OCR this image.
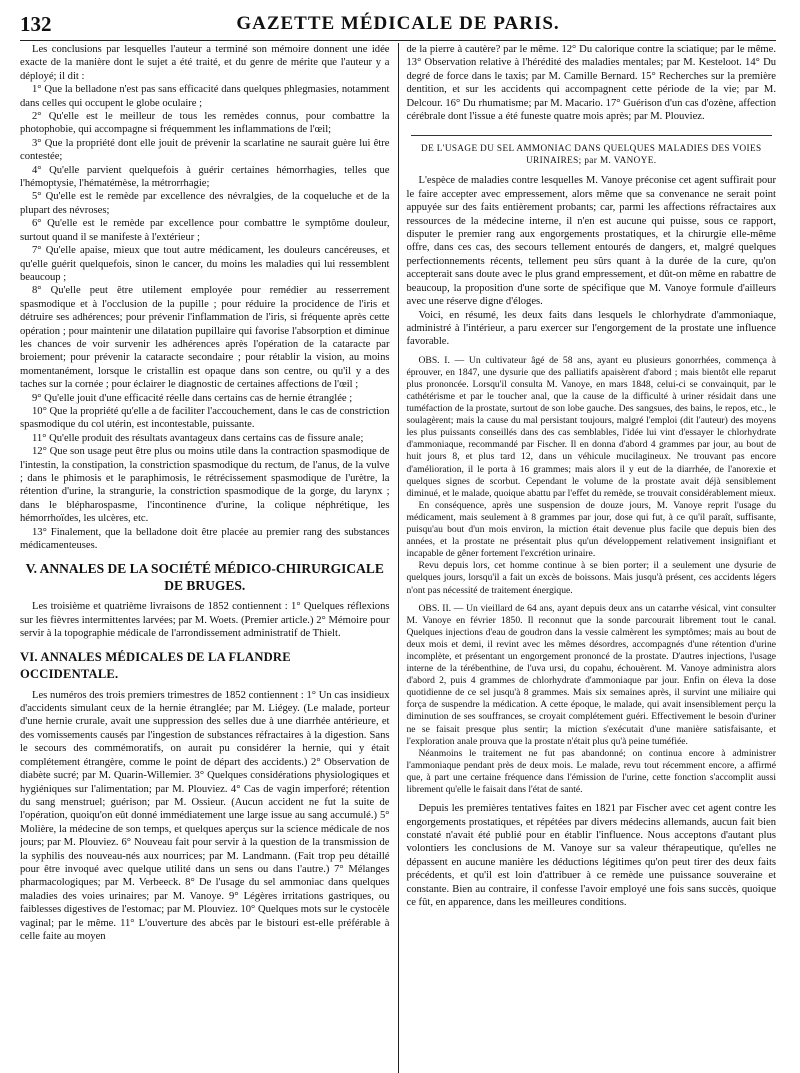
132	GAZETTE MÉDICALE DE PARIS.

Les conclusions par lesquelles l'auteur a terminé son mémoire donnent une idée exacte de la manière dont le sujet a été traité, et du genre de mérite que l'auteur y a déployé; il dit :

1° Que la belladone n'est pas sans efficacité dans quelques phlegmasies, notamment dans celles qui occupent le globe oculaire ;

2° Qu'elle est le meilleur de tous les remèdes connus, pour combattre la photophobie, qui accompagne si fréquemment les inflammations de l'œil;

3° Que la propriété dont elle jouit de prévenir la scarlatine ne saurait guère lui être contestée;

4° Qu'elle parvient quelquefois à guérir certaines hémorrhagies, telles que l'hémoptysie, l'hématémèse, la métrorrhagie;

5° Qu'elle est le remède par excellence des névralgies, de la coqueluche et de la plupart des névroses;

6° Qu'elle est le remède par excellence pour combattre le symptôme douleur, surtout quand il se manifeste à l'extérieur ;

7° Qu'elle apaise, mieux que tout autre médicament, les douleurs cancéreuses, et qu'elle guérit quelquefois, sinon le cancer, du moins les maladies qui lui ressemblent beaucoup ;

8° Qu'elle peut être utilement employée pour remédier au resserrement spasmodique et à l'occlusion de la pupille ; pour réduire la procidence de l'iris et détruire ses adhérences; pour prévenir l'inflammation de l'iris, si fréquente après cette opération ; pour maintenir une dilatation pupillaire qui favorise l'absorption et diminue les chances de voir survenir les adhérences après l'opération de la cataracte par broiement; pour prévenir la cataracte secondaire ; pour rétablir la vision, au moins momentanément, lorsque le cristallin est opaque dans son centre, ou qu'il y a des taches sur la cornée ; pour éclairer le diagnostic de certaines affections de l'œil ;

9° Qu'elle jouit d'une efficacité réelle dans certains cas de hernie étranglée ;

10° Que la propriété qu'elle a de faciliter l'accouchement, dans le cas de constriction spasmodique du col utérin, est incontestable, puissante.

11° Qu'elle produit des résultats avantageux dans certains cas de fissure anale;

12° Que son usage peut être plus ou moins utile dans la contraction spasmodique de l'intestin, la constipation, la constriction spasmodique du rectum, de l'anus, de la vulve ; dans le phimosis et le paraphimosis, le rétrécissement spasmodique de l'urètre, la rétention d'urine, la strangurie, la constriction spasmodique de la gorge, du larynx ; dans le blépharospasme, l'incontinence d'urine, la colique néphrétique, les hémorrhoïdes, les ulcères, etc.

13° Finalement, que la belladone doit être placée au premier rang des substances médicamenteuses.

V. ANNALES DE LA SOCIÉTÉ MÉDICO-CHIRURGICALE DE BRUGES.

Les troisième et quatrième livraisons de 1852 contiennent : 1° Quelques réflexions sur les fièvres intermittentes larvées; par M. Woets. (Premier article.) 2° Mémoire pour servir à la topographie médicale de l'arrondissement administratif de Thielt.

VI. ANNALES MÉDICALES DE LA FLANDRE OCCIDENTALE.

Les numéros des trois premiers trimestres de 1852 contiennent : 1° Un cas insidieux d'accidents simulant ceux de la hernie étranglée; par M. Liégey. (Le malade, porteur d'une hernie crurale, avait une suppression des selles due à une diarrhée antérieure, et des vomissements causés par l'ingestion de substances réfractaires à la digestion. Sans le secours des commémoratifs, on aurait pu considérer la hernie, qui y était complétement étrangère, comme le point de départ des accidents.) 2° Observation de diabète sucré; par M. Quarin-Willemier. 3° Quelques considérations physiologiques et hygiéniques sur l'alimentation; par M. Plouviez. 4° Cas de vagin imperforé; rétention du sang menstruel; guérison; par M. Ossieur. (Aucun accident ne fut la suite de l'opération, quoiqu'on eût donné immédiatement une large issue au sang accumulé.) 5° Molière, la médecine de son temps, et quelques aperçus sur la science médicale de nos jours; par M. Plouviez. 6° Nouveau fait pour servir à la question de la transmission de la syphilis des nouveau-nés aux nourrices; par M. Landmann. (Fait trop peu détaillé pour être invoqué avec quelque utilité dans un sens ou dans l'autre.) 7° Mélanges pharmacologiques; par M. Verbeeck. 8° De l'usage du sel ammoniac dans quelques maladies des voies urinaires; par M. Vanoye. 9° Légères irritations gastriques, ou faiblesses digestives de l'estomac; par M. Plouviez. 10° Quelques mots sur le cystocèle vaginal; par le même. 11° L'ouverture des abcès par le bistouri est-elle préférable à celle faite au moyen

de la pierre à cautère? par le même. 12° Du calorique contre la sciatique; par le même. 13° Observation relative à l'hérédité des maladies mentales; par M. Kesteloot. 14° Du degré de force dans le taxis; par M. Camille Bernard. 15° Recherches sur la première dentition, et sur les accidents qui accompagnent cette période de la vie; par M. Delcour. 16° Du rhumatisme; par M. Macario. 17° Guérison d'un cas d'ozène, affection cérébrale dont l'issue a été funeste quatre mois après; par M. Plouviez.

DE L'USAGE DU SEL AMMONIAC DANS QUELQUES MALADIES DES VOIES URINAIRES; par M. VANOYE.

L'espèce de maladies contre lesquelles M. Vanoye préconise cet agent suffirait pour le faire accepter avec empressement, alors même que sa convenance ne serait point appuyée sur des faits entièrement probants; car, parmi les affections réfractaires aux ressources de la médecine interne, il n'en est aucune qui puisse, sous ce rapport, disputer le premier rang aux engorgements prostatiques, et la chirurgie elle-même offre, dans ces cas, des secours tellement entourés de dangers, et, malgré quelques perfectionnements récents, tellement peu sûrs quant à la durée de la cure, qu'on accepterait sans doute avec le plus grand empressement, et dût-on même en rabattre de beaucoup, la proposition d'une sorte de spécifique que M. Vanoye formule d'ailleurs avec une réserve digne d'éloges.

Voici, en résumé, les deux faits dans lesquels le chlorhydrate d'ammoniaque, administré à l'intérieur, a paru exercer sur l'engorgement de la prostate une influence favorable.

OBS. I. — Un cultivateur âgé de 58 ans, ayant eu plusieurs gonorrhées, commença à éprouver, en 1847, une dysurie que des palliatifs apaisèrent d'abord ; mais bientôt elle reparut plus prononcée. Lorsqu'il consulta M. Vanoye, en mars 1848, celui-ci se convainquit, par le cathétérisme et par le toucher anal, que la cause de la difficulté à uriner résidait dans une tuméfaction de la prostate, surtout de son lobe gauche. Des sangsues, des bains, le repos, etc., le soulagèrent; mais la cause du mal persistant toujours, malgré l'emploi (dit l'auteur) des moyens les plus puissants conseillés dans des cas semblables, l'idée lui vint d'essayer le chlorhydrate d'ammoniaque, recommandé par Fischer. Il en donna d'abord 4 grammes par jour, au bout de huit jours 8, et plus tard 12, dans un véhicule mucilagineux. Ne trouvant pas encore d'amélioration, il le porta à 16 grammes; mais alors il y eut de la diarrhée, de l'anorexie et quelques signes de scorbut. Cependant le volume de la prostate avait déjà sensiblement diminué, et le malade, quoique abattu par l'effet du remède, se trouvait considérablement mieux.

En conséquence, après une suspension de douze jours, M. Vanoye reprit l'usage du médicament, mais seulement à 8 grammes par jour, dose qui fut, à ce qu'il paraît, suffisante, puisqu'au bout d'un mois environ, la miction était devenue plus facile que depuis bien des années, et la prostate ne présentait plus qu'un développement relativement insignifiant et incapable de gêner fortement l'excrétion urinaire.

Revu depuis lors, cet homme continue à se bien porter; il a seulement une dysurie de quelques jours, lorsqu'il a fait un excès de boissons. Mais jusqu'à présent, ces accidents légers n'ont pas nécessité de traitement énergique.

OBS. II. — Un vieillard de 64 ans, ayant depuis deux ans un catarrhe vésical, vint consulter M. Vanoye en février 1850. Il reconnut que la sonde parcourait librement tout le canal. Quelques injections d'eau de goudron dans la vessie calmèrent les symptômes; mais au bout de deux mois et demi, il revint avec les mêmes désordres, accompagnés d'une rétention d'urine incomplète, et présentant un engorgement prononcé de la prostate. D'autres injections, l'usage interne de la térébenthine, de l'uva ursi, du copahu, échouèrent. M. Vanoye administra alors d'abord 2, puis 4 grammes de chlorhydrate d'ammoniaque par jour. Enfin on éleva la dose quotidienne de ce sel jusqu'à 8 grammes. Mais six semaines après, il survint une miliaire qui força de suspendre la médication. A cette époque, le malade, qui avait insensiblement perçu la diminution de ses souffrances, se croyait complétement guéri. Effectivement le besoin d'uriner ne se faisait presque plus sentir; la miction s'exécutait d'une manière satisfaisante, et l'exploration anale prouva que la prostate n'était plus qu'à peine tuméfiée.

Néanmoins le traitement ne fut pas abandonné; on continua encore à administrer l'ammoniaque pendant près de deux mois. Le malade, revu tout récemment encore, a affirmé que, à part une certaine fréquence dans l'émission de l'urine, cette fonction s'accomplit aussi librement qu'elle le faisait dans l'état de santé.

Depuis les premières tentatives faites en 1821 par Fischer avec cet agent contre les engorgements prostatiques, et répétées par divers médecins allemands, aucun fait bien constaté n'avait été publié pour en établir l'influence. Nous acceptons d'autant plus volontiers les conclusions de M. Vanoye sur sa valeur thérapeutique, qu'elles ne dépassent en aucune manière les déductions légitimes qu'on peut tirer des deux faits précédents, et qu'il est loin d'attribuer à ce remède une puissance souveraine et constante. Bien au contraire, il confesse l'avoir employé une fois sans succès, quoique ce fût, en apparence, dans les meilleures conditions.
